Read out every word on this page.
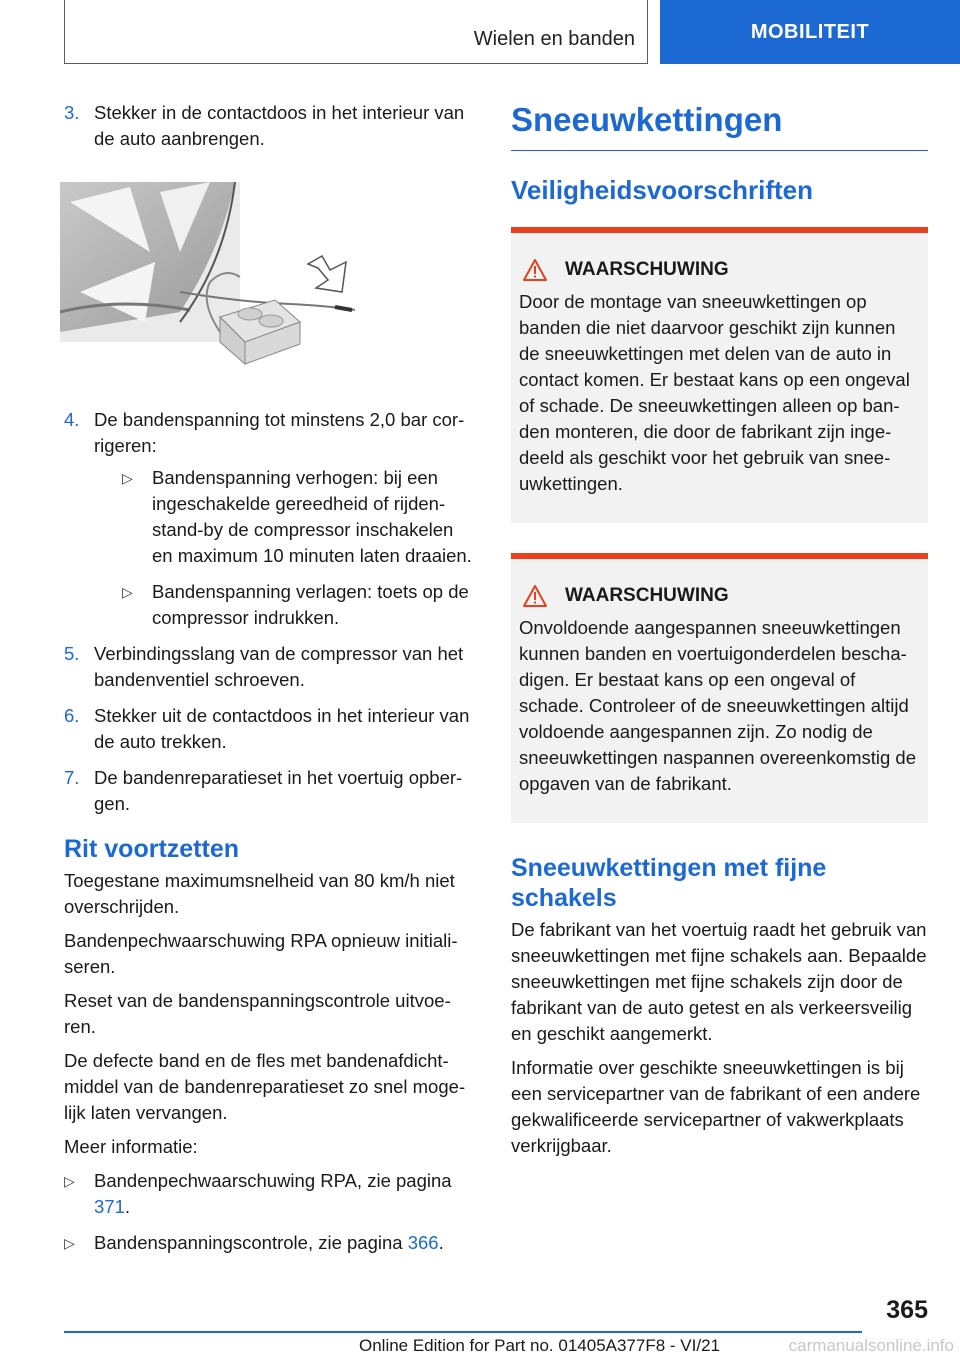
Wielen en banden	MOBILITEIT
3. Stekker in de contactdoos in het interieur van de auto aanbrengen.
4. De bandenspanning tot minstens 2,0 bar corrigeren:
▷ Bandenspanning verhogen: bij een ingeschakelde gereedheid of rijden-stand-by de compressor inschakelen en maximum 10 minuten laten draaien.
▷ Bandenspanning verlagen: toets op de compressor indrukken.
5. Verbindingsslang van de compressor van het bandenventiel schroeven.
6. Stekker uit de contactdoos in het interieur van de auto trekken.
7. De bandenreparatieset in het voertuig opbergen.
Rit voortzetten

Toegestane maximumsnelheid van 80 km/h niet overschrijden.

Bandenpechwaarschuwing RPA opnieuw initialiseren.

Reset van de bandenspanningscontrole uitvoeren.

De defecte band en de fles met bandenafdichtmiddel van de bandenreparatieset zo snel mogelijk laten vervangen.

Meer informatie:

▷ Bandenpechwaarschuwing RPA, zie pagina 371.
▷ Bandenspanningscontrole, zie pagina 366.
Sneeuwkettingen
Veiligheidsvoorschriften
WAARSCHUWING
Door de montage van sneeuwkettingen op banden die niet daarvoor geschikt zijn kunnen de sneeuwkettingen met delen van de auto in contact komen. Er bestaat kans op een ongeval of schade. De sneeuwkettingen alleen op banden monteren, die door de fabrikant zijn ingedeeld als geschikt voor het gebruik van sneeuwkettingen.
WAARSCHUWING
Onvoldoende aangespannen sneeuwkettingen kunnen banden en voertuigonderdelen beschadigen. Er bestaat kans op een ongeval of schade. Controleer of de sneeuwkettingen altijd voldoende aangespannen zijn. Zo nodig de sneeuwkettingen naspannen overeenkomstig de opgaven van de fabrikant.
Sneeuwkettingen met fijne schakels

De fabrikant van het voertuig raadt het gebruik van sneeuwkettingen met fijne schakels aan. Bepaalde sneeuwkettingen met fijne schakels zijn door de fabrikant van de auto getest en als verkeersveilig en geschikt aangemerkt.

Informatie over geschikte sneeuwkettingen is bij een servicepartner van de fabrikant of een andere gekwalificeerde servicepartner of vakwerkplaats verkrijgbaar.

365
Online Edition for Part no. 01405A377F8 - VI/21	carmanualsonline.info
